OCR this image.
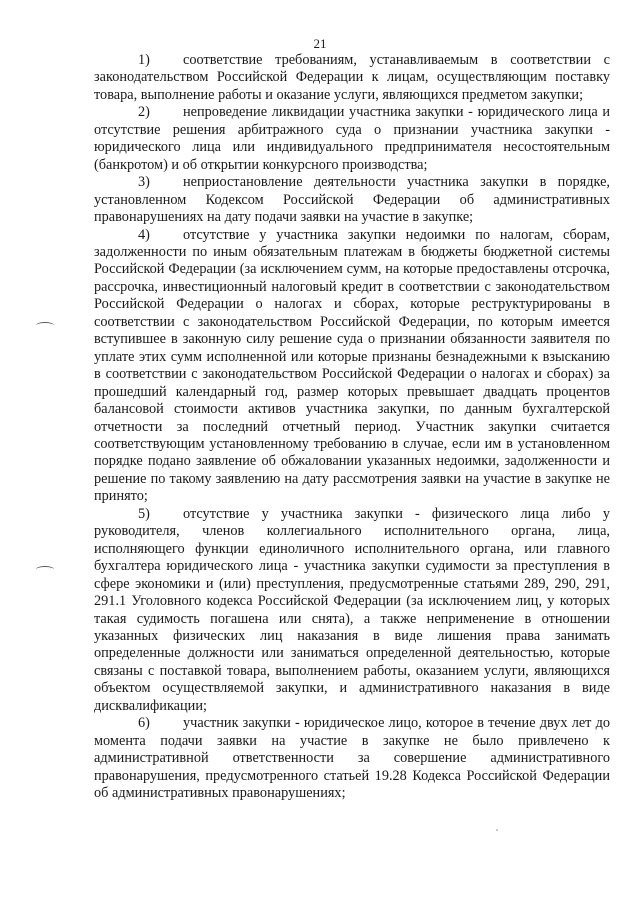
21

1) соответствие требованиям, устанавливаемым в соответствии с законодательством Российской Федерации к лицам, осуществляющим поставку товара, выполнение работы и оказание услуги, являющихся предметом закупки;

2) непроведение ликвидации участника закупки - юридического лица и отсутствие решения арбитражного суда о признании участника закупки - юридического лица или индивидуального предпринимателя несостоятельным (банкротом) и об открытии конкурсного производства;

3) неприостановление деятельности участника закупки в порядке, установленном Кодексом Российской Федерации об административных правонарушениях на дату подачи заявки на участие в закупке;

4) отсутствие у участника закупки недоимки по налогам, сборам, задолженности по иным обязательным платежам в бюджеты бюджетной системы Российской Федерации (за исключением сумм, на которые предоставлены отсрочка, рассрочка, инвестиционный налоговый кредит в соответствии с законодательством Российской Федерации о налогах и сборах, которые реструктурированы в соответствии с законодательством Российской Федерации, по которым имеется вступившее в законную силу решение суда о признании обязанности заявителя по уплате этих сумм исполненной или которые признаны безнадежными к взысканию в соответствии с законодательством Российской Федерации о налогах и сборах) за прошедший календарный год, размер которых превышает двадцать процентов балансовой стоимости активов участника закупки, по данным бухгалтерской отчетности за последний отчетный период. Участник закупки считается соответствующим установленному требованию в случае, если им в установленном порядке подано заявление об обжаловании указанных недоимки, задолженности и решение по такому заявлению на дату рассмотрения заявки на участие в закупке не принято;

5) отсутствие у участника закупки - физического лица либо у руководителя, членов коллегиального исполнительного органа, лица, исполняющего функции единоличного исполнительного органа, или главного бухгалтера юридического лица - участника закупки судимости за преступления в сфере экономики и (или) преступления, предусмотренные статьями 289, 290, 291, 291.1 Уголовного кодекса Российской Федерации (за исключением лиц, у которых такая судимость погашена или снята), а также неприменение в отношении указанных физических лиц наказания в виде лишения права занимать определенные должности или заниматься определенной деятельностью, которые связаны с поставкой товара, выполнением работы, оказанием услуги, являющихся объектом осуществляемой закупки, и административного наказания в виде дисквалификации;

6) участник закупки - юридическое лицо, которое в течение двух лет до момента подачи заявки на участие в закупке не было привлечено к административной ответственности за совершение административного правонарушения, предусмотренного статьей 19.28 Кодекса Российской Федерации об административных правонарушениях;
